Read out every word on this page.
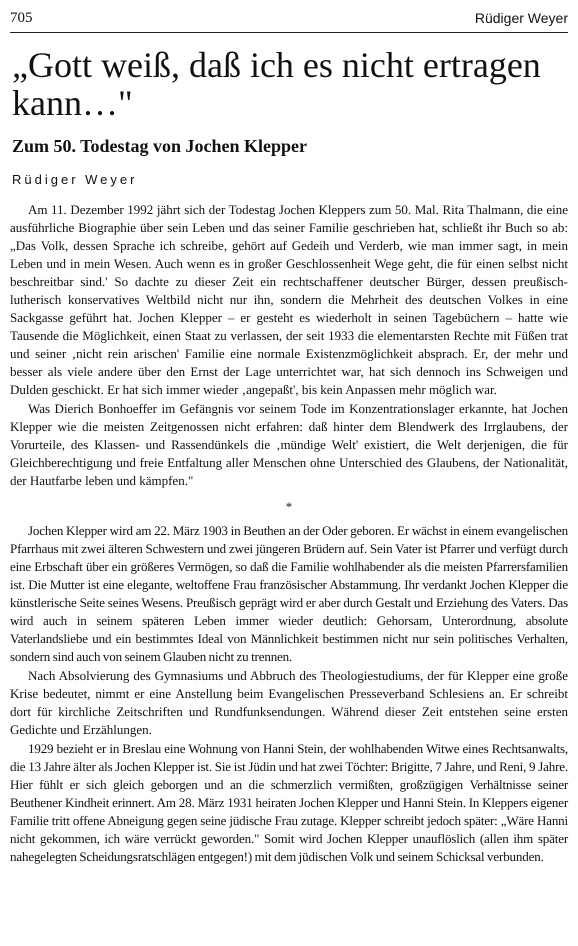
705	Rüdiger Weyer
„Gott weiß, daß ich es nicht ertragen kann…"
Zum 50. Todestag von Jochen Klepper

Rüdiger Weyer

Am 11. Dezember 1992 jährt sich der Todestag Jochen Kleppers zum 50. Mal. Rita Thalmann, die eine ausführliche Biographie über sein Leben und das seiner Familie geschrieben hat, schließt ihr Buch so ab: „Das Volk, dessen Sprache ich schreibe, gehört auf Gedeih und Verderb, wie man immer sagt, in mein Leben und in mein Wesen. Auch wenn es in großer Geschlossenheit Wege geht, die für einen selbst nicht beschreitbar sind.' So dachte zu dieser Zeit ein rechtschaffener deutscher Bürger, dessen preußisch-lutherisch konservatives Weltbild nicht nur ihn, sondern die Mehrheit des deutschen Volkes in eine Sackgasse geführt hat. Jochen Klepper – er gesteht es wiederholt in seinen Tagebüchern – hatte wie Tausende die Möglichkeit, einen Staat zu verlassen, der seit 1933 die elementarsten Rechte mit Füßen trat und seiner ‚nicht rein arischen' Familie eine normale Existenzmöglichkeit absprach. Er, der mehr und besser als viele andere über den Ernst der Lage unterrichtet war, hat sich dennoch ins Schweigen und Dulden geschickt. Er hat sich immer wieder ‚angepaßt', bis kein Anpassen mehr möglich war.

Was Dierich Bonhoeffer im Gefängnis vor seinem Tode im Konzentrationslager erkannte, hat Jochen Klepper wie die meisten Zeitgenossen nicht erfahren: daß hinter dem Blendwerk des Irrglaubens, der Vorurteile, des Klassen- und Rassendünkels die ‚mündige Welt' existiert, die Welt derjenigen, die für Gleichberechtigung und freie Entfaltung aller Menschen ohne Unterschied des Glaubens, der Nationalität, der Hautfarbe leben und kämpfen."

*

Jochen Klepper wird am 22. März 1903 in Beuthen an der Oder geboren. Er wächst in einem evangelischen Pfarrhaus mit zwei älteren Schwestern und zwei jüngeren Brüdern auf. Sein Vater ist Pfarrer und verfügt durch eine Erbschaft über ein größeres Vermögen, so daß die Familie wohlhabender als die meisten Pfarrersfamilien ist. Die Mutter ist eine elegante, weltoffene Frau französischer Abstammung. Ihr verdankt Jochen Klepper die künstlerische Seite seines Wesens. Preußisch geprägt wird er aber durch Gestalt und Erziehung des Vaters. Das wird auch in seinem späteren Leben immer wieder deutlich: Gehorsam, Unterordnung, absolute Vaterlandsliebe und ein bestimmtes Ideal von Männlichkeit bestimmen nicht nur sein politisches Verhalten, sondern sind auch von seinem Glauben nicht zu trennen.

Nach Absolvierung des Gymnasiums und Abbruch des Theologiestudiums, der für Klepper eine große Krise bedeutet, nimmt er eine Anstellung beim Evangelischen Presseverband Schlesiens an. Er schreibt dort für kirchliche Zeitschriften und Rundfunksendungen. Während dieser Zeit entstehen seine ersten Gedichte und Erzählungen.

1929 bezieht er in Breslau eine Wohnung von Hanni Stein, der wohlhabenden Witwe eines Rechtsanwalts, die 13 Jahre älter als Jochen Klepper ist. Sie ist Jüdin und hat zwei Töchter: Brigitte, 7 Jahre, und Reni, 9 Jahre. Hier fühlt er sich gleich geborgen und an die schmerzlich vermißten, großzügigen Verhältnisse seiner Beuthener Kindheit erinnert. Am 28. März 1931 heiraten Jochen Klepper und Hanni Stein. In Kleppers eigener Familie tritt offene Abneigung gegen seine jüdische Frau zutage. Klepper schreibt jedoch später: „Wäre Hanni nicht gekommen, ich wäre verrückt geworden." Somit wird Jochen Klepper unauflöslich (allen ihm später nahegelegten Scheidungsratschlägen entgegen!) mit dem jüdischen Volk und seinem Schicksal verbunden.
